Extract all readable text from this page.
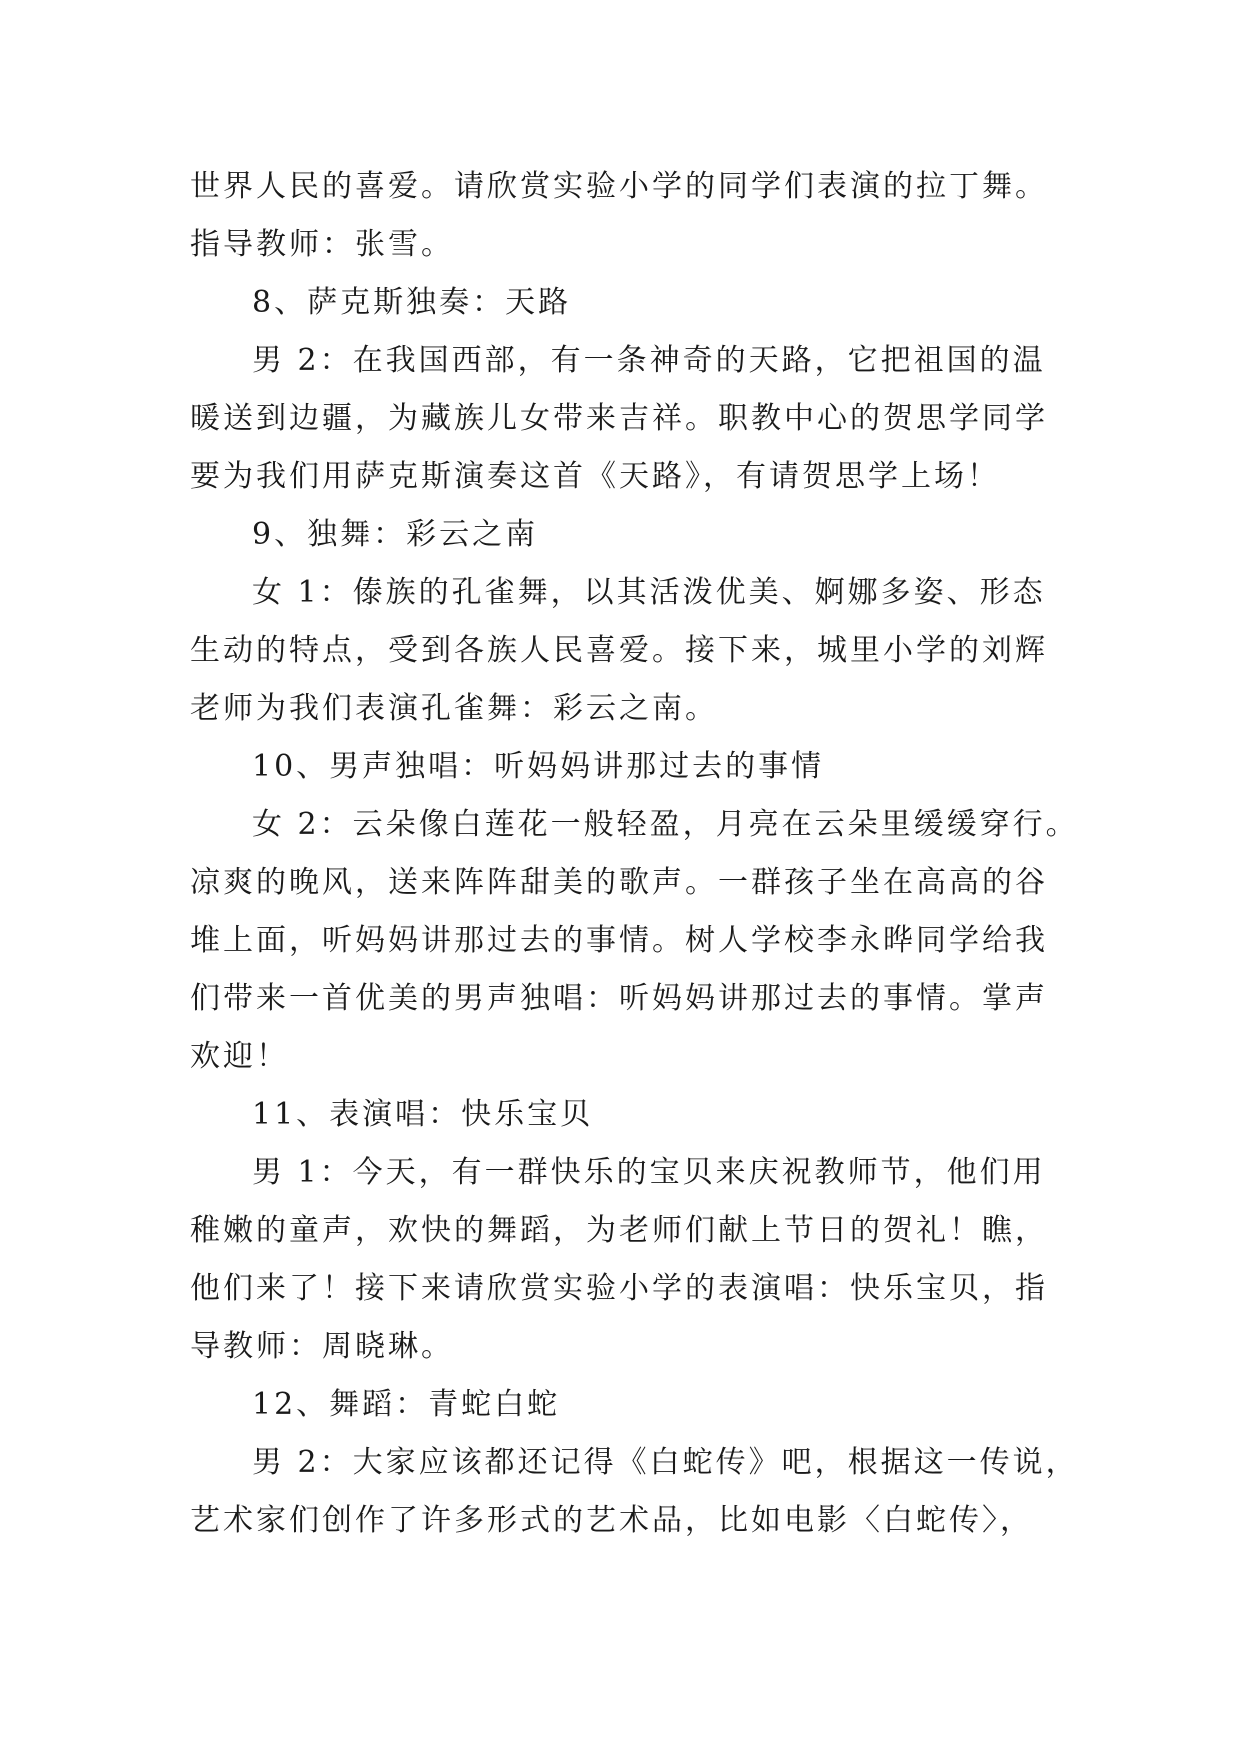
世界人民的喜爱。请欣赏实验小学的同学们表演的拉丁舞。
指导教师：张雪。
8、萨克斯独奏：天路
男 2：在我国西部，有一条神奇的天路，它把祖国的温
暖送到边疆，为藏族儿女带来吉祥。职教中心的贺思学同学
要为我们用萨克斯演奏这首《天路》，有请贺思学上场！
9、独舞：彩云之南
女 1：傣族的孔雀舞，以其活泼优美、婀娜多姿、形态
生动的特点，受到各族人民喜爱。接下来，城里小学的刘辉
老师为我们表演孔雀舞：彩云之南。
10、男声独唱：听妈妈讲那过去的事情
女 2：云朵像白莲花一般轻盈，月亮在云朵里缓缓穿行。
凉爽的晚风，送来阵阵甜美的歌声。一群孩子坐在高高的谷
堆上面，听妈妈讲那过去的事情。树人学校李永晔同学给我
们带来一首优美的男声独唱：听妈妈讲那过去的事情。掌声
欢迎！
11、表演唱：快乐宝贝
男 1：今天，有一群快乐的宝贝来庆祝教师节，他们用
稚嫩的童声，欢快的舞蹈，为老师们献上节日的贺礼！瞧，
他们来了！接下来请欣赏实验小学的表演唱：快乐宝贝，指
导教师：周晓琳。
12、舞蹈：青蛇白蛇
男 2：大家应该都还记得《白蛇传》吧，根据这一传说，
艺术家们创作了许多形式的艺术品，比如电影〈白蛇传〉，
